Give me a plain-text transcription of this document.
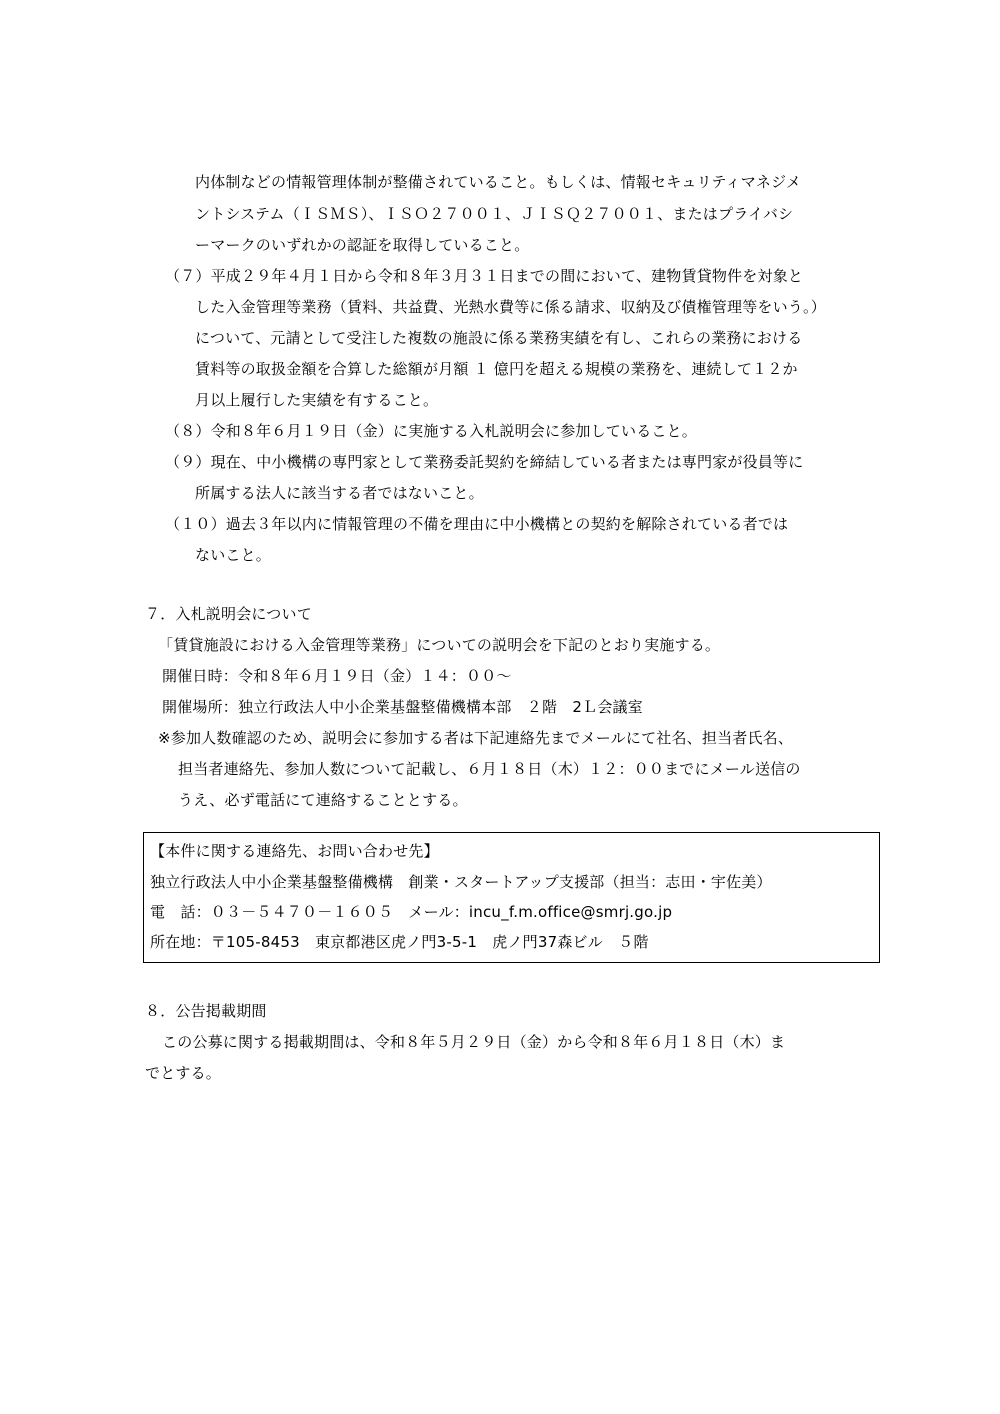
内体制などの情報管理体制が整備されていること。もしくは、情報セキュリティマネジメ
ントシステム（ＩＳＭＳ）、ＩＳＯ２７００１、ＪＩＳＱ２７００１、またはプライバシ
ーマークのいずれかの認証を取得していること。
（７）平成２９年４月１日から令和８年３月３１日までの間において、建物賃貸物件を対象と
した入金管理等業務（賃料、共益費、光熱水費等に係る請求、収納及び債権管理等をいう。）
について、元請として受注した複数の施設に係る業務実績を有し、これらの業務における
賃料等の取扱金額を合算した総額が月額 １ 億円を超える規模の業務を、連続して１２か
月以上履行した実績を有すること。
（８）令和８年６月１９日（金）に実施する入札説明会に参加していること。
（９）現在、中小機構の専門家として業務委託契約を締結している者または専門家が役員等に
所属する法人に該当する者ではないこと。
（１０）過去３年以内に情報管理の不備を理由に中小機構との契約を解除されている者では
ないこと。
７．入札説明会について
「賃貸施設における入金管理等業務」についての説明会を下記のとおり実施する。
開催日時：令和８年６月１９日（金）１４：００～
開催場所：独立行政法人中小企業基盤整備機構本部　２階　2Ｌ会議室
※参加人数確認のため、説明会に参加する者は下記連絡先までメールにて社名、担当者氏名、
担当者連絡先、参加人数について記載し、６月１８日（木）１２：００までにメール送信の
うえ、必ず電話にて連絡することとする。
【本件に関する連絡先、お問い合わせ先】
独立行政法人中小企業基盤整備機構　創業・スタートアップ支援部（担当：志田・宇佐美）
電　話：０３－５４７０－１６０５　メール：incu_f.m.office@smrj.go.jp
所在地：〒105-8453　東京都港区虎ノ門3-5-1　虎ノ門37森ビル　５階
８．公告掲載期間
この公募に関する掲載期間は、令和８年５月２９日（金）から令和８年６月１８日（木）ま
でとする。
